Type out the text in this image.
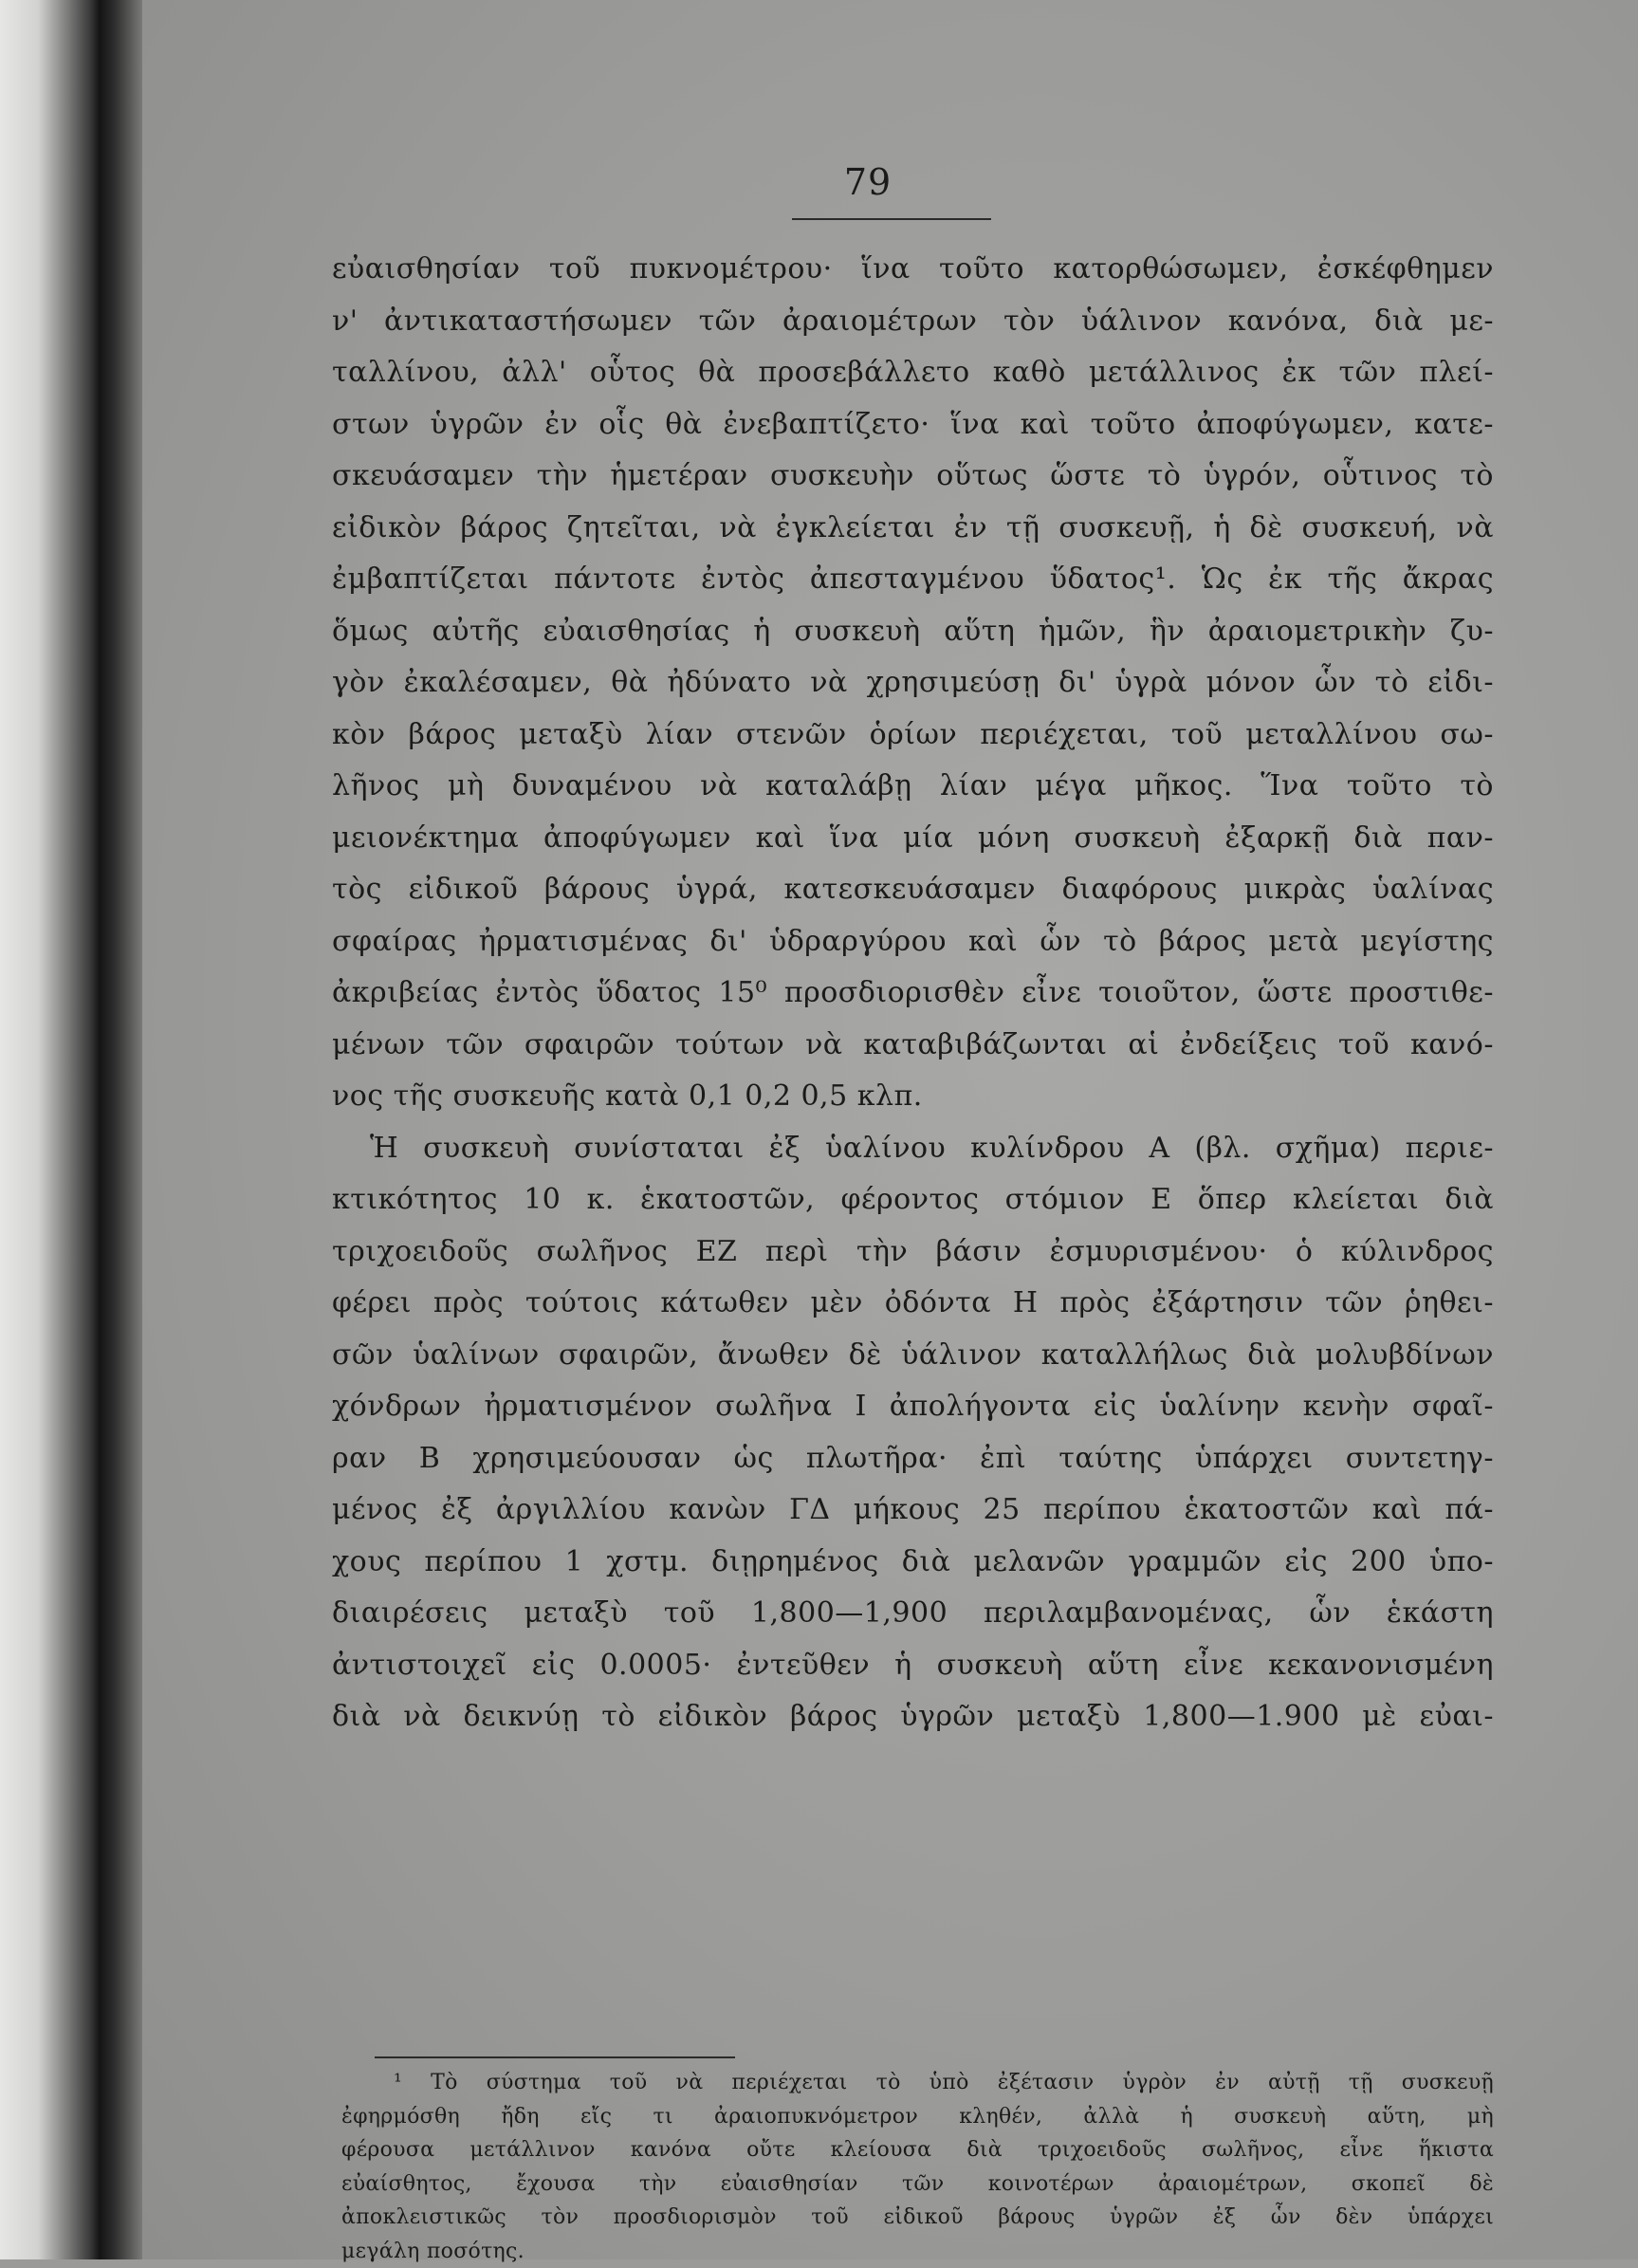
79
εὐαισθησίαν τοῦ πυκνομέτρου· ἵνα τοῦτο κατορθώσωμεν, ἐσκέφθημεν
ν' ἀντικαταστήσωμεν τῶν ἀραιομέτρων τὸν ὑάλινον κανόνα, διὰ με-
ταλλίνου, ἀλλ' οὗτος θὰ προσεβάλλετο καθὸ μετάλλινος ἐκ τῶν πλεί-
στων ὑγρῶν ἐν οἷς θὰ ἐνεβαπτίζετο· ἵνα καὶ τοῦτο ἀποφύγωμεν, κατε-
σκευάσαμεν τὴν ἡμετέραν συσκευὴν οὕτως ὥστε τὸ ὑγρόν, οὗτινος τὸ
εἰδικὸν βάρος ζητεῖται, νὰ ἐγκλείεται ἐν τῇ συσκευῇ, ἡ δὲ συσκευή, νὰ
ἐμβαπτίζεται πάντοτε ἐντὸς ἀπεσταγμένου ὕδατος¹. Ὡς ἐκ τῆς ἄκρας
ὅμως αὐτῆς εὐαισθησίας ἡ συσκευὴ αὕτη ἡμῶν, ἣν ἀραιομετρικὴν ζυ-
γὸν ἐκαλέσαμεν, θὰ ἠδύνατο νὰ χρησιμεύσῃ δι' ὑγρὰ μόνον ὧν τὸ εἰδι-
κὸν βάρος μεταξὺ λίαν στενῶν ὁρίων περιέχεται, τοῦ μεταλλίνου σω-
λῆνος μὴ δυναμένου νὰ καταλάβῃ λίαν μέγα μῆκος. Ἵνα τοῦτο τὸ
μειονέκτημα ἀποφύγωμεν καὶ ἵνα μία μόνη συσκευὴ ἐξαρκῇ διὰ παν-
τὸς εἰδικοῦ βάρους ὑγρά, κατεσκευάσαμεν διαφόρους μικρὰς ὑαλίνας
σφαίρας ἠρματισμένας δι' ὑδραργύρου καὶ ὧν τὸ βάρος μετὰ μεγίστης
ἀκριβείας ἐντὸς ὕδατος 15⁰ προσδιορισθὲν εἶνε τοιοῦτον, ὥστε προστιθε-
μένων τῶν σφαιρῶν τούτων νὰ καταβιβάζωνται αἱ ἐνδείξεις τοῦ κανό-
νος τῆς συσκευῆς κατὰ 0,1 0,2 0,5 κλπ.
Ἡ συσκευὴ συνίσταται ἐξ ὑαλίνου κυλίνδρου Α (βλ. σχῆμα) περιε-
κτικότητος 10 κ. ἑκατοστῶν, φέροντος στόμιον Ε ὅπερ κλείεται διὰ
τριχοειδοῦς σωλῆνος ΕΖ περὶ τὴν βάσιν ἐσμυρισμένου· ὁ κύλινδρος
φέρει πρὸς τούτοις κάτωθεν μὲν ὀδόντα Η πρὸς ἐξάρτησιν τῶν ῥηθει-
σῶν ὑαλίνων σφαιρῶν, ἄνωθεν δὲ ὑάλινον καταλλήλως διὰ μολυβδίνων
χόνδρων ἠρματισμένον σωλῆνα Ι ἀπολήγοντα εἰς ὑαλίνην κενὴν σφαῖ-
ραν Β χρησιμεύουσαν ὡς πλωτῆρα· ἐπὶ ταύτης ὑπάρχει συντετηγ-
μένος ἐξ ἀργιλλίου κανὼν ΓΔ μήκους 25 περίπου ἑκατοστῶν καὶ πά-
χους περίπου 1 χστμ. διῃρημένος διὰ μελανῶν γραμμῶν εἰς 200 ὑπο-
διαιρέσεις μεταξὺ τοῦ 1,800—1,900 περιλαμβανομένας, ὧν ἑκάστη
ἀντιστοιχεῖ εἰς 0.0005· ἐντεῦθεν ἡ συσκευὴ αὕτη εἶνε κεκανονισμένη
διὰ νὰ δεικνύῃ τὸ εἰδικὸν βάρος ὑγρῶν μεταξὺ 1,800—1.900 μὲ εὐαι-
¹ Τὸ σύστημα τοῦ νὰ περιέχεται τὸ ὑπὸ ἐξέτασιν ὑγρὸν ἐν αὐτῇ τῇ συσκευῇ
ἐφηρμόσθη ἤδη εἴς τι ἀραιοπυκνόμετρον κληθέν, ἀλλὰ ἡ συσκευὴ αὕτη, μὴ
φέρουσα μετάλλινον κανόνα οὔτε κλείουσα διὰ τριχοειδοῦς σωλῆνος, εἶνε ἥκιστα
εὐαίσθητος, ἔχουσα τὴν εὐαισθησίαν τῶν κοινοτέρων ἀραιομέτρων, σκοπεῖ δὲ
ἀποκλειστικῶς τὸν προσδιορισμὸν τοῦ εἰδικοῦ βάρους ὑγρῶν ἐξ ὧν δὲν ὑπάρχει
μεγάλη ποσότης.
